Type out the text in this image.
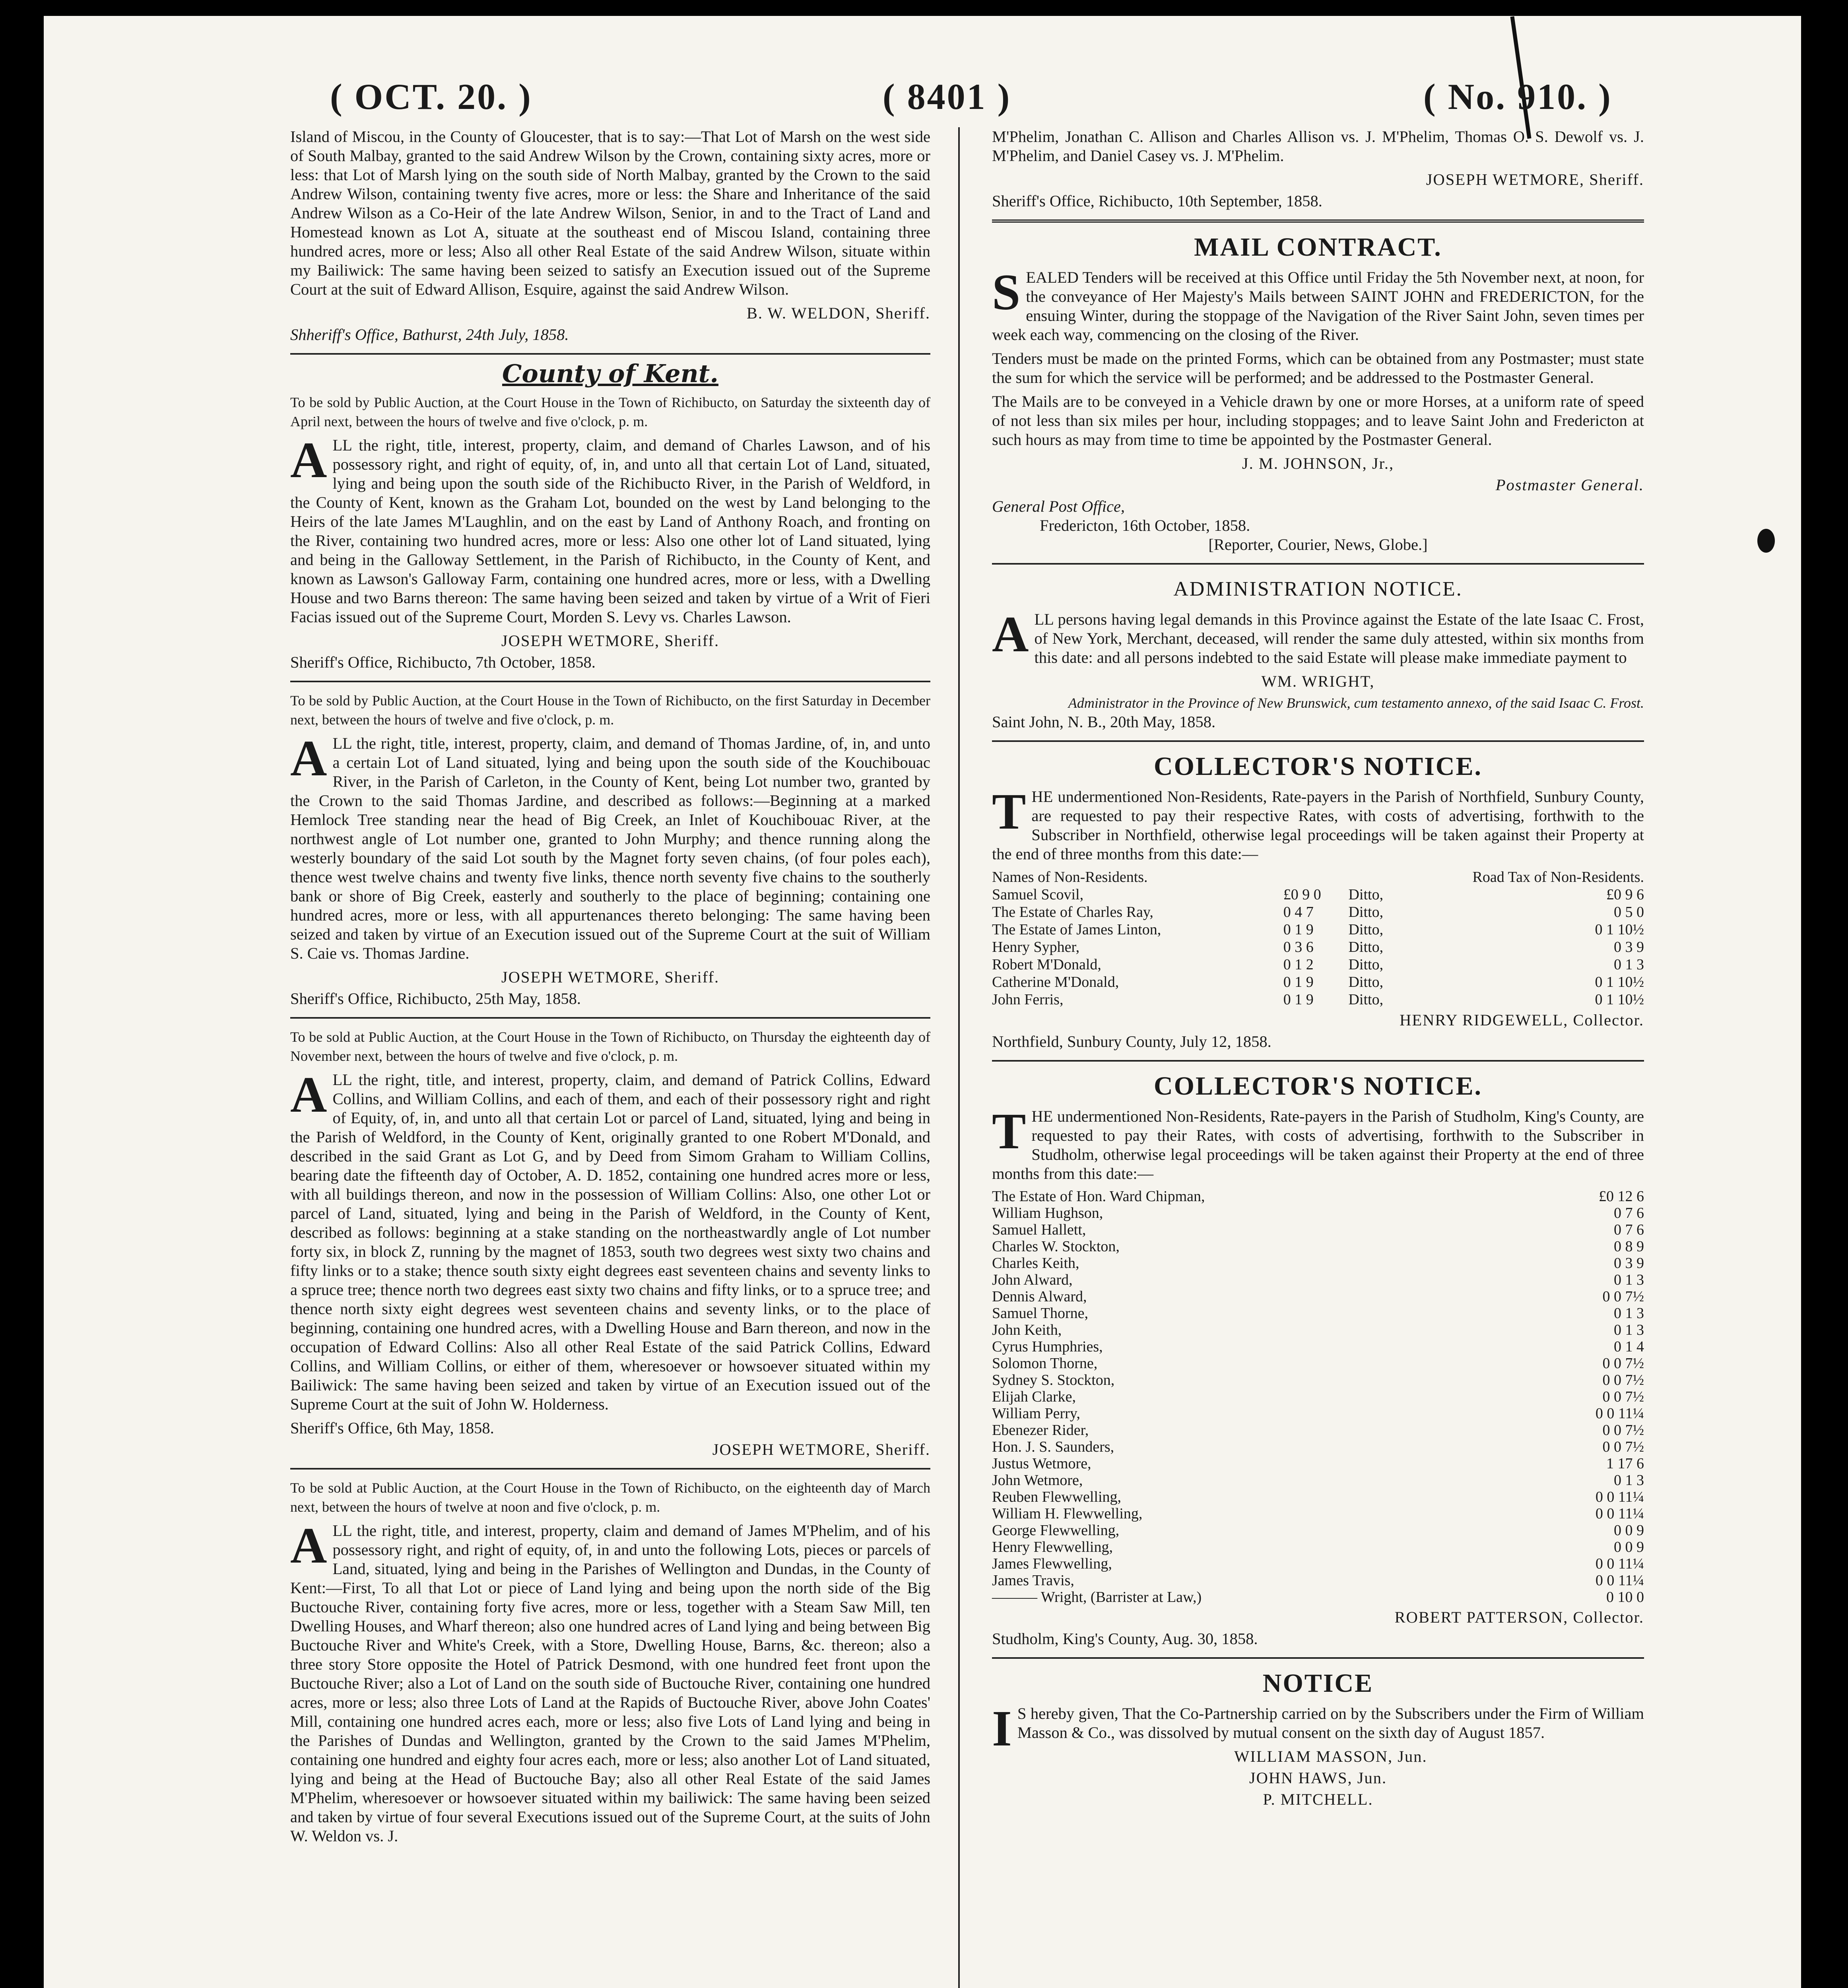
( OCT. 20. )	( 8401 )	( No. 910. )

Island of Miscou, in the County of Gloucester, that is to say:—That Lot of Marsh on the west side of South Malbay, granted to the said Andrew Wilson by the Crown, containing sixty acres, more or less: that Lot of Marsh lying on the south side of North Malbay, granted by the Crown to the said Andrew Wilson, containing twenty five acres, more or less: the Share and Inheritance of the said Andrew Wilson as a Co-Heir of the late Andrew Wilson, Senior, in and to the Tract of Land and Homestead known as Lot A, situate at the southeast end of Miscou Island, containing three hundred acres, more or less; Also all other Real Estate of the said Andrew Wilson, situate within my Bailiwick: The same having been seized to satisfy an Execution issued out of the Supreme Court at the suit of Edward Allison, Esquire, against the said Andrew Wilson.

B. W. WELDON, Sheriff.
Shheriff's Office, Bathurst, 24th July, 1858.
County of Kent.

To be sold by Public Auction, at the Court House in the Town of Richibucto, on Saturday the sixteenth day of April next, between the hours of twelve and five o'clock, p. m.

ALL the right, title, interest, property, claim, and demand of Charles Lawson, and of his possessory right, and right of equity, of, in, and unto all that certain Lot of Land, situated, lying and being upon the south side of the Richibucto River, in the Parish of Weldford, in the County of Kent, known as the Graham Lot, bounded on the west by Land belonging to the Heirs of the late James M'Laughlin, and on the east by Land of Anthony Roach, and fronting on the River, containing two hundred acres, more or less: Also one other lot of Land situated, lying and being in the Galloway Settlement, in the Parish of Richibucto, in the County of Kent, and known as Lawson's Galloway Farm, containing one hundred acres, more or less, with a Dwelling House and two Barns thereon: The same having been seized and taken by virtue of a Writ of Fieri Facias issued out of the Supreme Court, Morden S. Levy vs. Charles Lawson.

JOSEPH WETMORE, Sheriff.
Sheriff's Office, Richibucto, 7th October, 1858.

To be sold by Public Auction, at the Court House in the Town of Richibucto, on the first Saturday in December next, between the hours of twelve and five o'clock, p. m.

ALL the right, title, interest, property, claim, and demand of Thomas Jardine, of, in, and unto a certain Lot of Land situated, lying and being upon the south side of the Kouchibouac River, in the Parish of Carleton, in the County of Kent, being Lot number two, granted by the Crown to the said Thomas Jardine, and described as follows:—Beginning at a marked Hemlock Tree standing near the head of Big Creek, an Inlet of Kouchibouac River, at the northwest angle of Lot number one, granted to John Murphy; and thence running along the westerly boundary of the said Lot south by the Magnet forty seven chains, (of four poles each), thence west twelve chains and twenty five links, thence north seventy five chains to the southerly bank or shore of Big Creek, easterly and southerly to the place of beginning; containing one hundred acres, more or less, with all appurtenances thereto belonging: The same having been seized and taken by virtue of an Execution issued out of the Supreme Court at the suit of William S. Caie vs. Thomas Jardine.

JOSEPH WETMORE, Sheriff.
Sheriff's Office, Richibucto, 25th May, 1858.

To be sold at Public Auction, at the Court House in the Town of Richibucto, on Thursday the eighteenth day of November next, between the hours of twelve and five o'clock, p. m.

ALL the right, title, and interest, property, claim, and demand of Patrick Collins, Edward Collins, and William Collins, and each of them, and each of their possessory right and right of Equity, of, in, and unto all that certain Lot or parcel of Land, situated, lying and being in the Parish of Weldford, in the County of Kent, originally granted to one Robert M'Donald, and described in the said Grant as Lot G, and by Deed from Simom Graham to William Collins, bearing date the fifteenth day of October, A. D. 1852, containing one hundred acres more or less, with all buildings thereon, and now in the possession of William Collins: Also, one other Lot or parcel of Land, situated, lying and being in the Parish of Weldford, in the County of Kent, described as follows: beginning at a stake standing on the northeastwardly angle of Lot number forty six, in block Z, running by the magnet of 1853, south two degrees west sixty two chains and fifty links or to a stake; thence south sixty eight degrees east seventeen chains and seventy links to a spruce tree; thence north two degrees east sixty two chains and fifty links, or to a spruce tree; and thence north sixty eight degrees west seventeen chains and seventy links, or to the place of beginning, containing one hundred acres, with a Dwelling House and Barn thereon, and now in the occupation of Edward Collins: Also all other Real Estate of the said Patrick Collins, Edward Collins, and William Collins, or either of them, wheresoever or howsoever situated within my Bailiwick: The same having been seized and taken by virtue of an Execution issued out of the Supreme Court at the suit of John W. Holderness.

Sheriff's Office, 6th May, 1858.
JOSEPH WETMORE, Sheriff.

To be sold at Public Auction, at the Court House in the Town of Richibucto, on the eighteenth day of March next, between the hours of twelve at noon and five o'clock, p. m.

ALL the right, title, and interest, property, claim and demand of James M'Phelim, and of his possessory right, and right of equity, of, in and unto the following Lots, pieces or parcels of Land, situated, lying and being in the Parishes of Wellington and Dundas, in the County of Kent:—First, To all that Lot or piece of Land lying and being upon the north side of the Big Buctouche River, containing forty five acres, more or less, together with a Steam Saw Mill, ten Dwelling Houses, and Wharf thereon; also one hundred acres of Land lying and being between Big Buctouche River and White's Creek, with a Store, Dwelling House, Barns, &c. thereon; also a three story Store opposite the Hotel of Patrick Desmond, with one hundred feet front upon the Buctouche River; also a Lot of Land on the south side of Buctouche River, containing one hundred acres, more or less; also three Lots of Land at the Rapids of Buctouche River, above John Coates' Mill, containing one hundred acres each, more or less; also five Lots of Land lying and being in the Parishes of Dundas and Wellington, granted by the Crown to the said James M'Phelim, containing one hundred and eighty four acres each, more or less; also another Lot of Land situated, lying and being at the Head of Buctouche Bay; also all other Real Estate of the said James M'Phelim, wheresoever or howsoever situated within my bailiwick: The same having been seized and taken by virtue of four several Executions issued out of the Supreme Court, at the suits of John W. Weldon vs. J.

M'Phelim, Jonathan C. Allison and Charles Allison vs. J. M'Phelim, Thomas O. S. Dewolf vs. J. M'Phelim, and Daniel Casey vs. J. M'Phelim.

JOSEPH WETMORE, Sheriff.
Sheriff's Office, Richibucto, 10th September, 1858.
MAIL CONTRACT.

SEALED Tenders will be received at this Office until Friday the 5th November next, at noon, for the conveyance of Her Majesty's Mails between SAINT JOHN and FREDERICTON, for the ensuing Winter, during the stoppage of the Navigation of the River Saint John, seven times per week each way, commencing on the closing of the River.

Tenders must be made on the printed Forms, which can be obtained from any Postmaster; must state the sum for which the service will be performed; and be addressed to the Postmaster General.

The Mails are to be conveyed in a Vehicle drawn by one or more Horses, at a uniform rate of speed of not less than six miles per hour, including stoppages; and to leave Saint John and Fredericton at such hours as may from time to time be appointed by the Postmaster General.

J. M. JOHNSON, Jr.,
Postmaster General.
General Post Office,
Fredericton, 16th October, 1858.
[Reporter, Courier, News, Globe.]
ADMINISTRATION NOTICE.

ALL persons having legal demands in this Province against the Estate of the late Isaac C. Frost, of New York, Merchant, deceased, will render the same duly attested, within six months from this date: and all persons indebted to the said Estate will please make immediate payment to

WM. WRIGHT,
Administrator in the Province of New Brunswick, cum testamento annexo, of the said Isaac C. Frost.
Saint John, N. B., 20th May, 1858.
COLLECTOR'S NOTICE.

THE undermentioned Non-Residents, Rate-payers in the Parish of Northfield, Sunbury County, are requested to pay their respective Rates, with costs of advertising, forthwith to the Subscriber in Northfield, otherwise legal proceedings will be taken against their Property at the end of three months from this date:—

Names of Non-Residents.		Road Tax of Non-Residents.	
Samuel Scovil,	£0 9 0	Ditto,	£0 9 6
The Estate of Charles Ray,	0 4 7	Ditto,	0 5 0
The Estate of James Linton,	0 1 9	Ditto,	0 1 10½
Henry Sypher,	0 3 6	Ditto,	0 3 9
Robert M'Donald,	0 1 2	Ditto,	0 1 3
Catherine M'Donald,	0 1 9	Ditto,	0 1 10½
John Ferris,	0 1 9	Ditto,	0 1 10½
HENRY RIDGEWELL, Collector.
Northfield, Sunbury County, July 12, 1858.
COLLECTOR'S NOTICE.

THE undermentioned Non-Residents, Rate-payers in the Parish of Studholm, King's County, are requested to pay their Rates, with costs of advertising, forthwith to the Subscriber in Studholm, otherwise legal proceedings will be taken against their Property at the end of three months from this date:—

The Estate of Hon. Ward Chipman,	£0 12 6
William Hughson,	0 7 6
Samuel Hallett,	0 7 6
Charles W. Stockton,	0 8 9
Charles Keith,	0 3 9
John Alward,	0 1 3
Dennis Alward,	0 0 7½
Samuel Thorne,	0 1 3
John Keith,	0 1 3
Cyrus Humphries,	0 1 4
Solomon Thorne,	0 0 7½
Sydney S. Stockton,	0 0 7½
Elijah Clarke,	0 0 7½
William Perry,	0 0 11¼
Ebenezer Rider,	0 0 7½
Hon. J. S. Saunders,	0 0 7½
Justus Wetmore,	1 17 6
John Wetmore,	0 1 3
Reuben Flewwelling,	0 0 11¼
William H. Flewwelling,	0 0 11¼
George Flewwelling,	0 0 9
Henry Flewwelling,	0 0 9
James Flewwelling,	0 0 11¼
James Travis,	0 0 11¼
——— Wright, (Barrister at Law,)	0 10 0
ROBERT PATTERSON, Collector.
Studholm, King's County, Aug. 30, 1858.
NOTICE

I S hereby given, That the Co-Partnership carried on by the Subscribers under the Firm of William Masson & Co., was dissolved by mutual consent on the sixth day of August 1857.

WILLIAM MASSON, Jun.
JOHN HAWS, Jun.
P. MITCHELL.
